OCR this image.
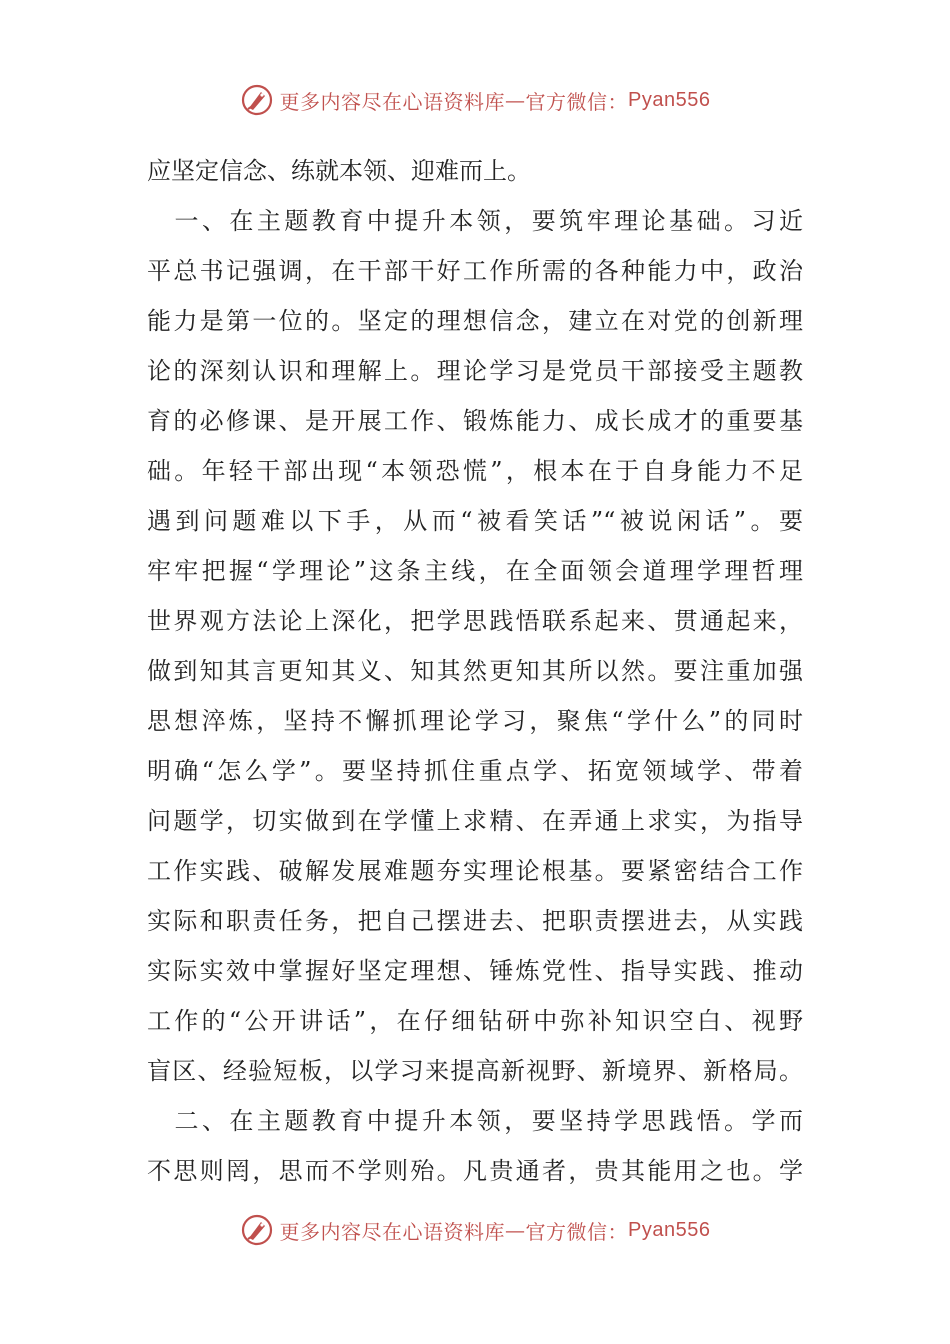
更多内容尽在心语资料库 — 官方微信： Pyan556
应坚定信念、练就本领、迎难而上。
　一、在主题教育中提升本领，要筑牢理论基础。习近
平总书记强调，在干部干好工作所需的各种能力中，政治
能力是第一位的。坚定的理想信念，建立在对党的创新理
论的深刻认识和理解上。理论学习是党员干部接受主题教
育的必修课、是开展工作、锻炼能力、成长成才的重要基
础。年轻干部出现“本领恐慌”，根本在于自身能力不足
遇到问题难以下手，从而“被看笑话”“被说闲话”。要
牢牢把握“学理论”这条主线，在全面领会道理学理哲理
世界观方法论上深化，把学思践悟联系起来、贯通起来，
做到知其言更知其义、知其然更知其所以然。要注重加强
思想淬炼，坚持不懈抓理论学习，聚焦“学什么”的同时
明确“怎么学”。要坚持抓住重点学、拓宽领域学、带着
问题学，切实做到在学懂上求精、在弄通上求实，为指导
工作实践、破解发展难题夯实理论根基。要紧密结合工作
实际和职责任务，把自己摆进去、把职责摆进去，从实践
实际实效中掌握好坚定理想、锤炼党性、指导实践、推动
工作的“公开讲话”，在仔细钻研中弥补知识空白、视野
盲区、经验短板，以学习来提高新视野、新境界、新格局。
　二、在主题教育中提升本领，要坚持学思践悟。学而
不思则罔，思而不学则殆。凡贵通者，贵其能用之也。学
更多内容尽在心语资料库 — 官方微信： Pyan556
